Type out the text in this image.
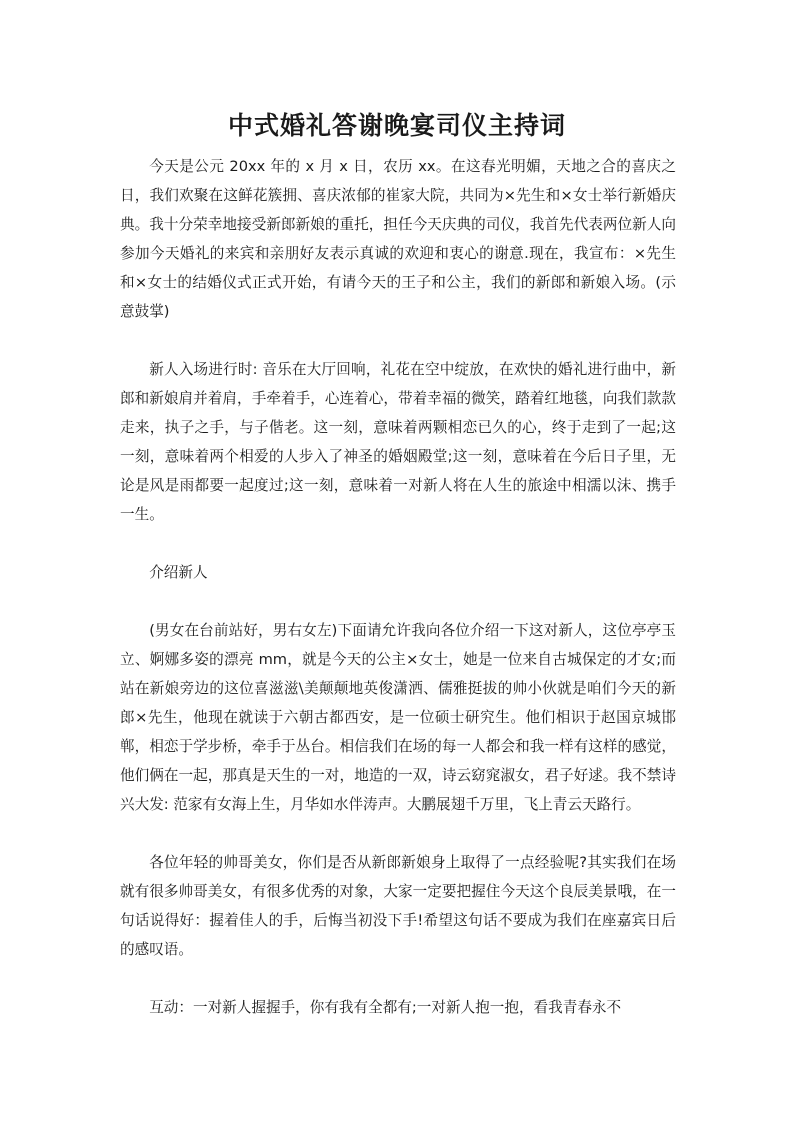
中式婚礼答谢晚宴司仪主持词

今天是公元 20xx 年的 x 月 x 日，农历 xx。在这春光明媚，天地之合的喜庆之日，我们欢聚在这鲜花簇拥、喜庆浓郁的崔家大院，共同为×先生和×女士举行新婚庆典。我十分荣幸地接受新郎新娘的重托，担任今天庆典的司仪，我首先代表两位新人向参加今天婚礼的来宾和亲朋好友表示真诚的欢迎和衷心的谢意.现在，我宣布：×先生和×女士的结婚仪式正式开始，有请今天的王子和公主，我们的新郎和新娘入场。(示意鼓掌)

新人入场进行时: 音乐在大厅回响，礼花在空中绽放，在欢快的婚礼进行曲中，新郎和新娘肩并着肩，手牵着手，心连着心，带着幸福的微笑，踏着红地毯，向我们款款走来，执子之手，与子偕老。这一刻，意味着两颗相恋已久的心，终于走到了一起;这一刻，意味着两个相爱的人步入了神圣的婚姻殿堂;这一刻，意味着在今后日子里，无论是风是雨都要一起度过;这一刻，意味着一对新人将在人生的旅途中相濡以沫、携手一生。

介绍新人

(男女在台前站好，男右女左)下面请允许我向各位介绍一下这对新人，这位亭亭玉立、婀娜多姿的漂亮 mm，就是今天的公主×女士，她是一位来自古城保定的才女;而站在新娘旁边的这位喜滋滋\美颠颠地英俊潇洒、儒雅挺拔的帅小伙就是咱们今天的新郎×先生，他现在就读于六朝古都西安，是一位硕士研究生。他们相识于赵国京城邯郸，相恋于学步桥，牵手于丛台。相信我们在场的每一人都会和我一样有这样的感觉，他们俩在一起，那真是天生的一对，地造的一双，诗云窈窕淑女，君子好逑。我不禁诗兴大发: 范家有女海上生，月华如水伴涛声。大鹏展翅千万里，飞上青云天路行。

各位年轻的帅哥美女，你们是否从新郎新娘身上取得了一点经验呢?其实我们在场就有很多帅哥美女，有很多优秀的对象，大家一定要把握住今天这个良辰美景哦，在一句话说得好：握着佳人的手，后悔当初没下手!希望这句话不要成为我们在座嘉宾日后的感叹语。

互动：一对新人握握手，你有我有全都有;一对新人抱一抱，看我青春永不
